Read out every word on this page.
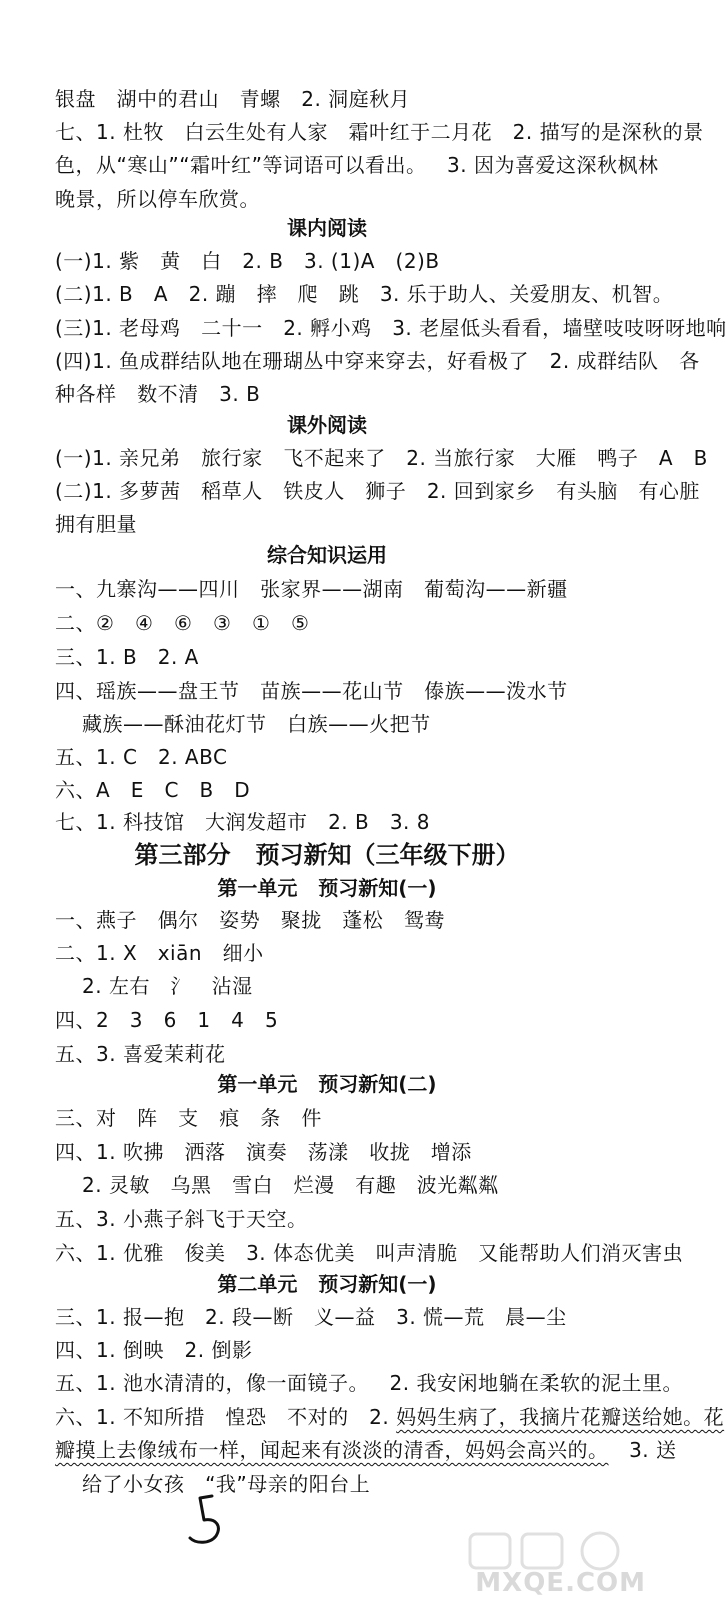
银盘   湖中的君山   青螺   2. 洞庭秋月
七、1. 杜牧   白云生处有人家   霜叶红于二月花   2. 描写的是深秋的景
色，从“寒山”“霜叶红”等词语可以看出。   3. 因为喜爱这深秋枫林
晚景，所以停车欣赏。
课内阅读
(一)1. 紫   黄   白   2. B   3. (1)A   (2)B
(二)1. B   A   2. 蹦   摔   爬   跳   3. 乐于助人、关爱朋友、机智。
(三)1. 老母鸡   二十一   2. 孵小鸡   3. 老屋低头看看，墙壁吱吱呀呀地响
(四)1. 鱼成群结队地在珊瑚丛中穿来穿去，好看极了   2. 成群结队   各
种各样   数不清   3. B
课外阅读
(一)1. 亲兄弟   旅行家   飞不起来了   2. 当旅行家   大雁   鸭子   A   B
(二)1. 多萝茜   稻草人   铁皮人   狮子   2. 回到家乡   有头脑   有心脏
拥有胆量
综合知识运用
一、九寨沟——四川   张家界——湖南   葡萄沟——新疆
二、②   ④   ⑥   ③   ①   ⑤
三、1. B   2. A
四、瑶族——盘王节   苗族——花山节   傣族——泼水节
藏族——酥油花灯节   白族——火把节
五、1. C   2. ABC
六、A   E   C   B   D
七、1. 科技馆   大润发超市   2. B   3. 8
第三部分   预习新知（三年级下册）
第一单元   预习新知(一)
一、燕子   偶尔   姿势   聚拢   蓬松   鸳鸯
二、1. X   xiān   细小
2. 左右   氵   沾湿
四、2   3   6   1   4   5
五、3. 喜爱茉莉花
第一单元   预习新知(二)
三、对   阵   支   痕   条   件
四、1. 吹拂   洒落   演奏   荡漾   收拢   增添
2. 灵敏   乌黑   雪白   烂漫   有趣   波光粼粼
五、3. 小燕子斜飞于天空。
六、1. 优雅   俊美   3. 体态优美   叫声清脆   又能帮助人们消灭害虫
第二单元   预习新知(一)
三、1. 报—抱   2. 段—断   义—益   3. 慌—荒   晨—尘
四、1. 倒映   2. 倒影
五、1. 池水清清的，像一面镜子。   2. 我安闲地躺在柔软的泥土里。
六、1. 不知所措   惶恐   不对的   2. 妈妈生病了，我摘片花瓣送给她。花
瓣摸上去像绒布一样，闻起来有淡淡的清香，妈妈会高兴的。   3. 送
给了小女孩   “我”母亲的阳台上
MXQE.COM
